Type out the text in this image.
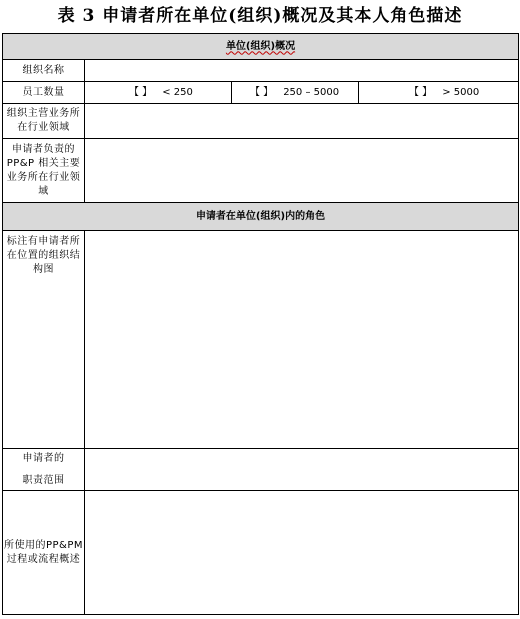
表 3 申请者所在单位(组织)概况及其本人角色描述
单位(组织)概况			
组织名称			
员工数量	【 】 < 250	【 】 250 – 5000	【 】 > 5000
组织主营业务所在行业领域			
申请者负责的PP&P 相关主要业务所在行业领域			
申请者在单位(组织)内的角色			
标注有申请者所在位置的组织结构图			

申请者的
职责范围			

所使用的PP&PM 过程或流程概述			
